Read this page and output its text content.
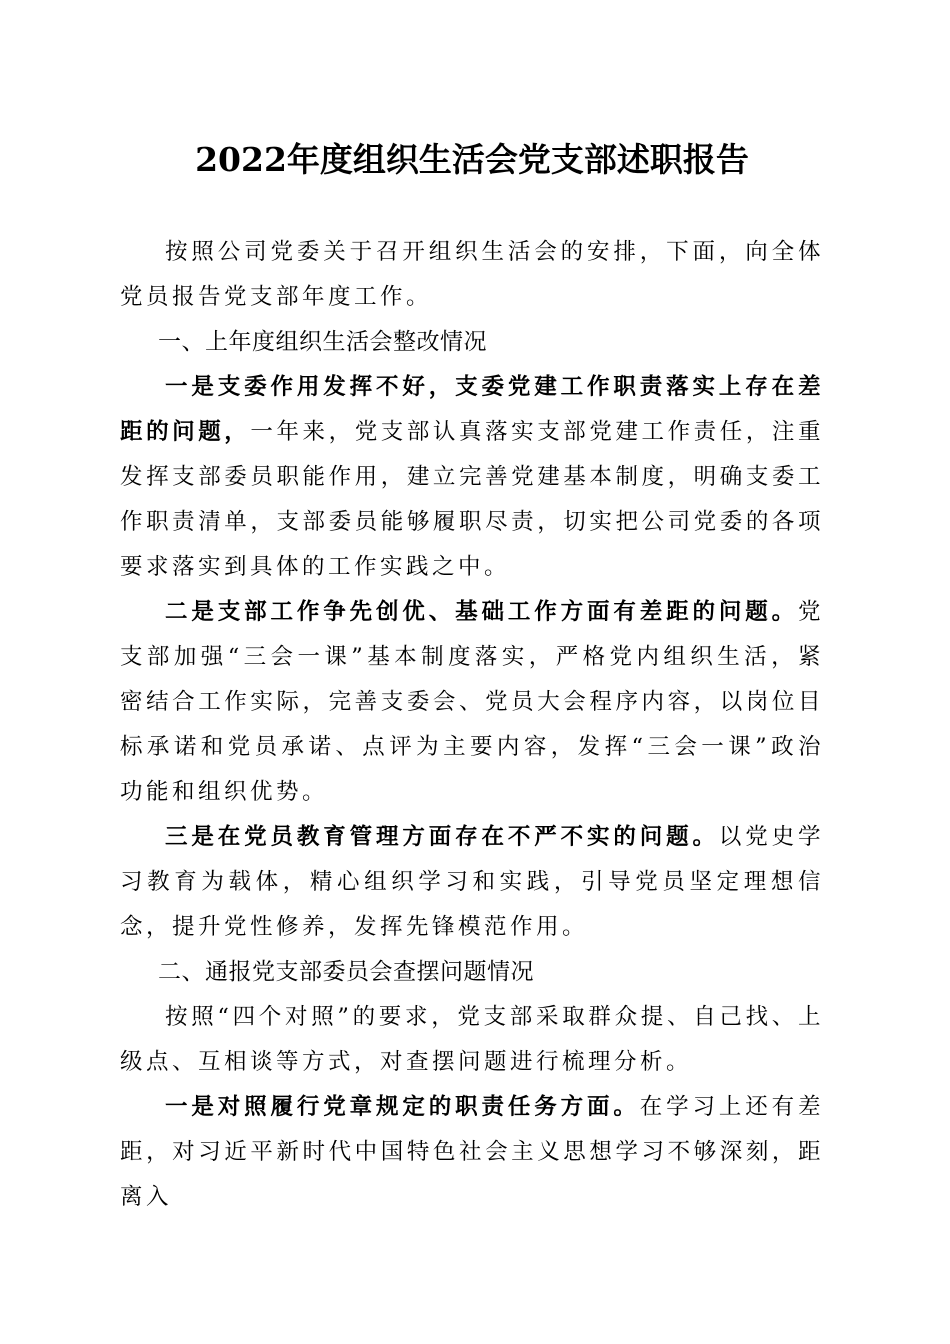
2022年度组织生活会党支部述职报告

按照公司党委关于召开组织生活会的安排，下面，向全体党员报告党支部年度工作。

一、上年度组织生活会整改情况

一是支委作用发挥不好，支委党建工作职责落实上存在差距的问题，一年来，党支部认真落实支部党建工作责任，注重发挥支部委员职能作用，建立完善党建基本制度，明确支委工作职责清单，支部委员能够履职尽责，切实把公司党委的各项要求落实到具体的工作实践之中。

二是支部工作争先创优、基础工作方面有差距的问题。党支部加强“三会一课”基本制度落实，严格党内组织生活，紧密结合工作实际，完善支委会、党员大会程序内容，以岗位目标承诺和党员承诺、点评为主要内容，发挥“三会一课”政治功能和组织优势。

三是在党员教育管理方面存在不严不实的问题。以党史学习教育为载体，精心组织学习和实践，引导党员坚定理想信念，提升党性修养，发挥先锋模范作用。

二、通报党支部委员会查摆问题情况

按照“四个对照”的要求，党支部采取群众提、自己找、上级点、互相谈等方式，对查摆问题进行梳理分析。

一是对照履行党章规定的职责任务方面。在学习上还有差距，对习近平新时代中国特色社会主义思想学习不够深刻，距离入
